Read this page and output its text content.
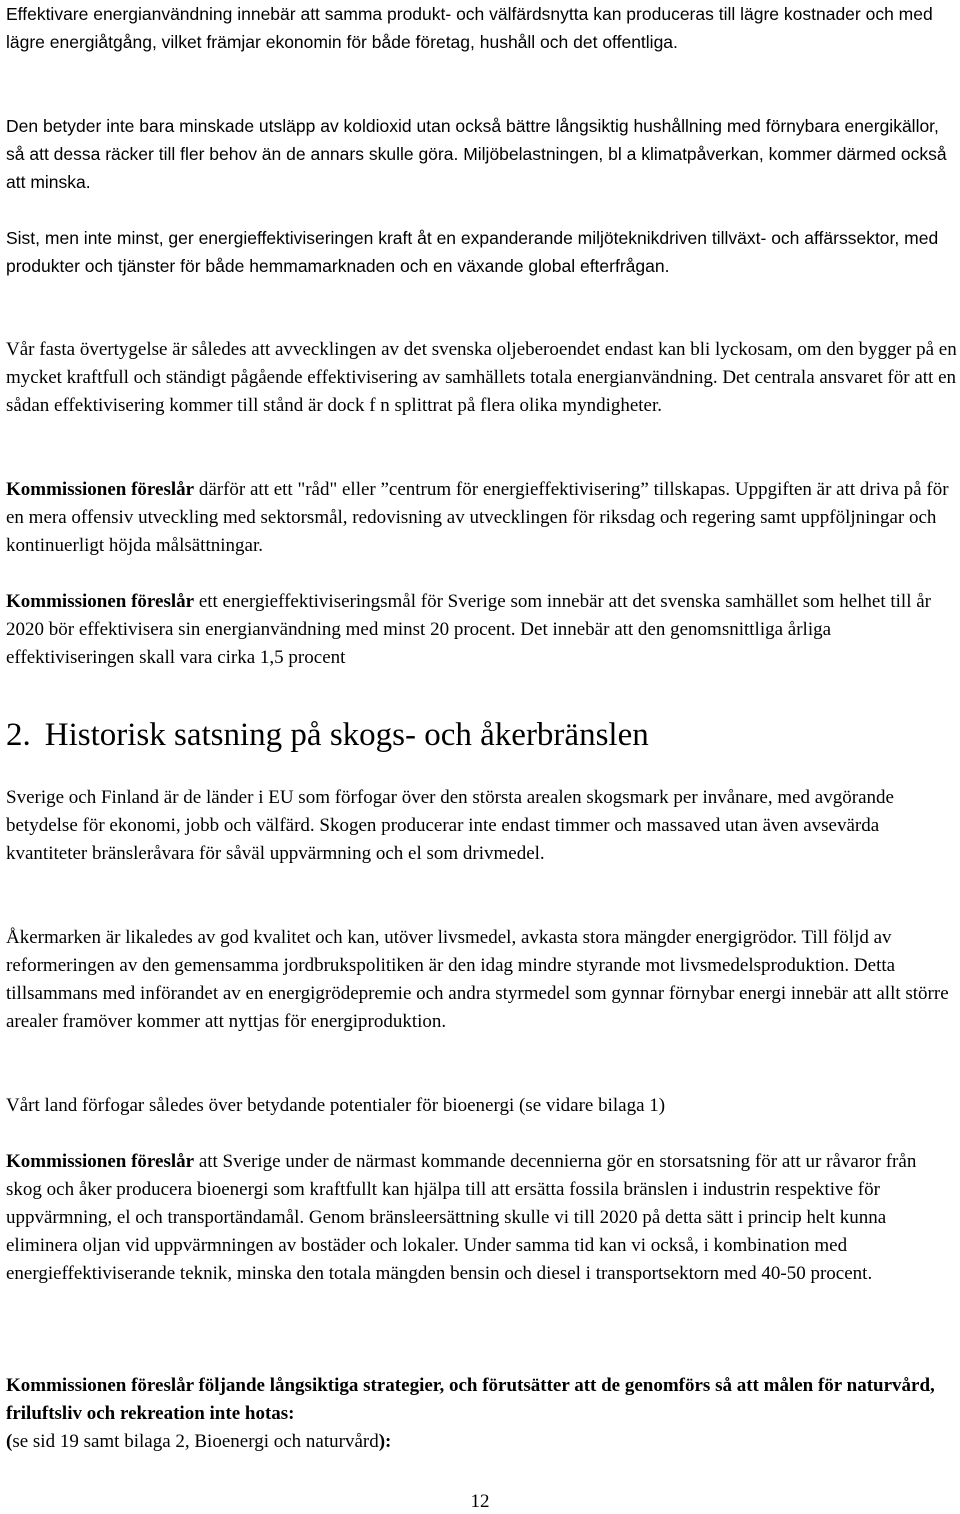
Effektivare energianvändning innebär att samma produkt- och välfärdsnytta kan produceras till lägre kostnader och med lägre energiåtgång, vilket främjar ekonomin för både företag, hushåll och det offentliga.

Den betyder inte bara minskade utsläpp av koldioxid utan också bättre långsiktig hushållning med förnybara energikällor, så att dessa räcker till fler behov än de annars skulle göra. Miljöbelastningen, bl a klimatpåverkan, kommer därmed också att minska.

Sist, men inte minst, ger energieffektiviseringen kraft åt en expanderande miljöteknikdriven tillväxt- och affärssektor, med produkter och tjänster för både hemmamarknaden och en växande global efterfrågan.

Vår fasta övertygelse är således att avvecklingen av det svenska oljeberoendet endast kan bli lyckosam, om den bygger på en mycket kraftfull och ständigt pågående effektivisering av samhällets totala energianvändning. Det centrala ansvaret för att en sådan effektivisering kommer till stånd är dock f n splittrat på flera olika myndigheter.

Kommissionen föreslår därför att ett "råd" eller ”centrum för energieffektivisering” tillskapas. Uppgiften är att driva på för en mera offensiv utveckling med sektorsmål, redovisning av utvecklingen för riksdag och regering samt uppföljningar och kontinuerligt höjda målsättningar.

Kommissionen föreslår ett energieffektiviseringsmål för Sverige som innebär att det svenska samhället som helhet till år 2020 bör effektivisera sin energianvändning med minst 20 procent. Det innebär att den genomsnittliga årliga effektiviseringen skall vara cirka 1,5 procent

2. Historisk satsning på skogs- och åkerbränslen

Sverige och Finland är de länder i EU som förfogar över den största arealen skogsmark per invånare, med avgörande betydelse för ekonomi, jobb och välfärd. Skogen producerar inte endast timmer och massaved utan även avsevärda kvantiteter bränsleråvara för såväl uppvärmning och el som drivmedel.

Åkermarken är likaledes av god kvalitet och kan, utöver livsmedel, avkasta stora mängder energigrödor. Till följd av reformeringen av den gemensamma jordbrukspolitiken är den idag mindre styrande mot livsmedelsproduktion. Detta tillsammans med införandet av en energigrödepremie och andra styrmedel som gynnar förnybar energi innebär att allt större arealer framöver kommer att nyttjas för energiproduktion.

Vårt land förfogar således över betydande potentialer för bioenergi (se vidare bilaga 1)

Kommissionen föreslår att Sverige under de närmast kommande decennierna gör en storsatsning för att ur råvaror från skog och åker producera bioenergi som kraftfullt kan hjälpa till att ersätta fossila bränslen i industrin respektive för uppvärmning, el och transportändamål. Genom bränsleersättning skulle vi till 2020 på detta sätt i princip helt kunna eliminera oljan vid uppvärmningen av bostäder och lokaler. Under samma tid kan vi också, i kombination med energieffektiviserande teknik, minska den totala mängden bensin och diesel i transportsektorn med 40-50 procent.

Kommissionen föreslår följande långsiktiga strategier, och förutsätter att de genomförs så att målen för naturvård, friluftsliv och rekreation inte hotas:
(se sid 19 samt bilaga 2, Bioenergi och naturvård):

12
